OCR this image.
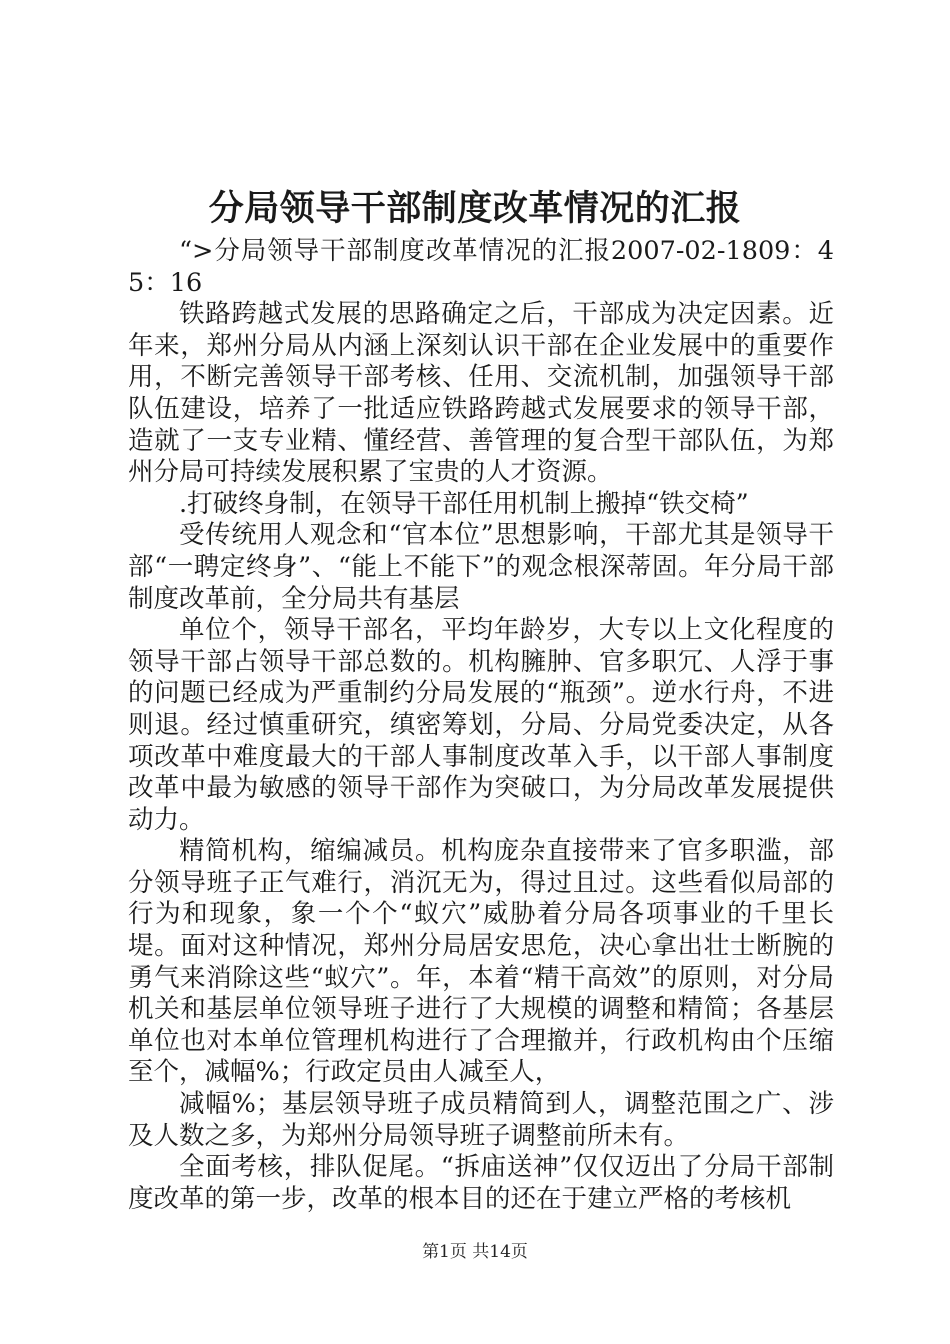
分局领导干部制度改革情况的汇报

“>分局领导干部制度改革情况的汇报2007-02-1809：45：16

铁路跨越式发展的思路确定之后，干部成为决定因素。近年来，郑州分局从内涵上深刻认识干部在企业发展中的重要作用，不断完善领导干部考核、任用、交流机制，加强领导干部队伍建设，培养了一批适应铁路跨越式发展要求的领导干部，造就了一支专业精、懂经营、善管理的复合型干部队伍，为郑州分局可持续发展积累了宝贵的人才资源。

.打破终身制，在领导干部任用机制上搬掉“铁交椅”

受传统用人观念和“官本位”思想影响，干部尤其是领导干部“一聘定终身”、“能上不能下”的观念根深蒂固。年分局干部制度改革前，全分局共有基层

单位个，领导干部名，平均年龄岁，大专以上文化程度的领导干部占领导干部总数的。机构臃肿、官多职冗、人浮于事的问题已经成为严重制约分局发展的“瓶颈”。逆水行舟，不进则退。经过慎重研究，缜密筹划，分局、分局党委决定，从各项改革中难度最大的干部人事制度改革入手，以干部人事制度改革中最为敏感的领导干部作为突破口，为分局改革发展提供动力。

精简机构，缩编减员。机构庞杂直接带来了官多职滥，部分领导班子正气难行，消沉无为，得过且过。这些看似局部的行为和现象，象一个个“蚁穴”威胁着分局各项事业的千里长堤。面对这种情况，郑州分局居安思危，决心拿出壮士断腕的勇气来消除这些“蚁穴”。年，本着“精干高效”的原则，对分局机关和基层单位领导班子进行了大规模的调整和精简；各基层单位也对本单位管理机构进行了合理撤并，行政机构由个压缩至个，减幅%；行政定员由人减至人，

减幅%；基层领导班子成员精简到人，调整范围之广、涉及人数之多，为郑州分局领导班子调整前所未有。

全面考核，排队促尾。“拆庙送神”仅仅迈出了分局干部制度改革的第一步，改革的根本目的还在于建立严格的考核机

第1页 共14页
